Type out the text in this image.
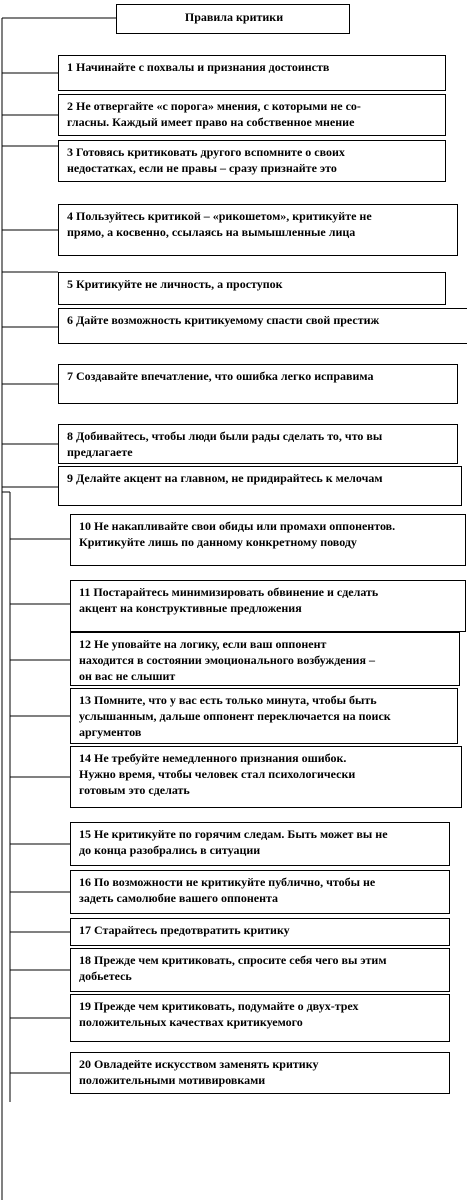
Правила критики
1 Начинайте с похвалы и признания достоинств
2 Не отвергайте «с порога» мнения, с которыми не со-
гласны. Каждый имеет право на собственное мнение
3 Готовясь критиковать другого вспомните о своих
недостатках, если не правы – сразу признайте это
4 Пользуйтесь критикой – «рикошетом», критикуйте не
прямо, а косвенно, ссылаясь на вымышленные лица
5 Критикуйте не личность, а проступок
6 Дайте возможность критикуемому спасти свой престиж
7 Создавайте впечатление, что ошибка легко исправима
8 Добивайтесь, чтобы люди были рады сделать то, что вы
предлагаете
9 Делайте акцент на главном, не придирайтесь к мелочам
10 Не накапливайте свои обиды или промахи оппонентов.
Критикуйте лишь по данному конкретному поводу
11 Постарайтесь минимизировать обвинение и сделать
акцент на конструктивные предложения
12 Не уповайте на логику, если ваш оппонент
находится в состоянии эмоционального возбуждения –
он вас не слышит
13 Помните, что у вас есть только минута, чтобы быть
услышанным, дальше оппонент переключается на поиск
аргументов
14 Не требуйте немедленного признания ошибок.
Нужно время, чтобы человек стал психологически
готовым это сделать
15 Не критикуйте по горячим следам. Быть может вы не
до конца разобрались в ситуации
16 По возможности не критикуйте публично, чтобы не
задеть самолюбие вашего оппонента
17 Старайтесь предотвратить критику
18 Прежде чем критиковать, спросите себя чего вы этим
добьетесь
19 Прежде чем критиковать, подумайте о двух-трех
положительных качествах критикуемого
20 Овладейте искусством заменять критику
положительными мотивировками
